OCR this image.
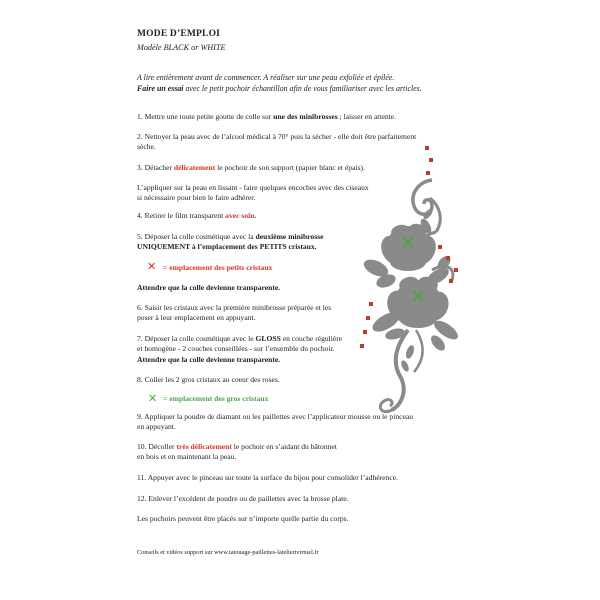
MODE D’EMPLOI
Modèle BLACK or WHITE
A lire entièrement avant de commencer. A réaliser sur une peau exfoliée et épilée.
Faire un essai avec le petit pochoir échantillon afin de vous familiariser avec les articles.
1. Mettre une toute petite goutte de colle sur une des minibrosses ; laisser en attente.
2. Nettoyer la peau avec de l’alcool médical à 70° puis la sécher - elle doit être parfaitement
sèche.
3. Détacher délicatement le pochoir de son support (papier blanc et épais).
L’appliquer sur la peau en lissant - faire quelques encoches avec des ciseaux
si nécessaire pour bien le faire adhérer.
4. Retirer le film transparent avec soin.
5. Déposer la colle cosmétique avec la deuxième minibrosse
UNIQUEMENT à l’emplacement des PETITS cristaux.
✕ = emplacement des petits cristaux
Attendre que la colle devienne transparente.
6. Saisir les cristaux avec la première minibrosse préparée et les
poser à leur emplacement en appuyant.
7. Déposer la colle cosmétique avec le GLOSS en couche régulière
et homogène - 2 couches conseillées - sur l’ensemble du pochoir.
Attendre que la colle devienne transparente.
8. Coller les 2 gros cristaux au coeur des roses.
✕ = emplacement des gros cristaux
9. Appliquer la poudre de diamant ou les paillettes avec l’applicateur mousse ou le pinceau
en appuyant.
10. Décoller très délicatement le pochoir en s’aidant du bâtonnet
en bois et en maintenant la peau.
11. Appuyer avec le pinceau sur toute la surface du bijou pour consolider l’adhérence.
12. Enlever l’excédent de poudre ou de paillettes avec la brosse plate.
Les pochoirs peuvent être placés sur n’importe quelle partie du corps.
Conseils et vidéos support sur www.tatouage-paillettes-latelierivirtuel.fr
